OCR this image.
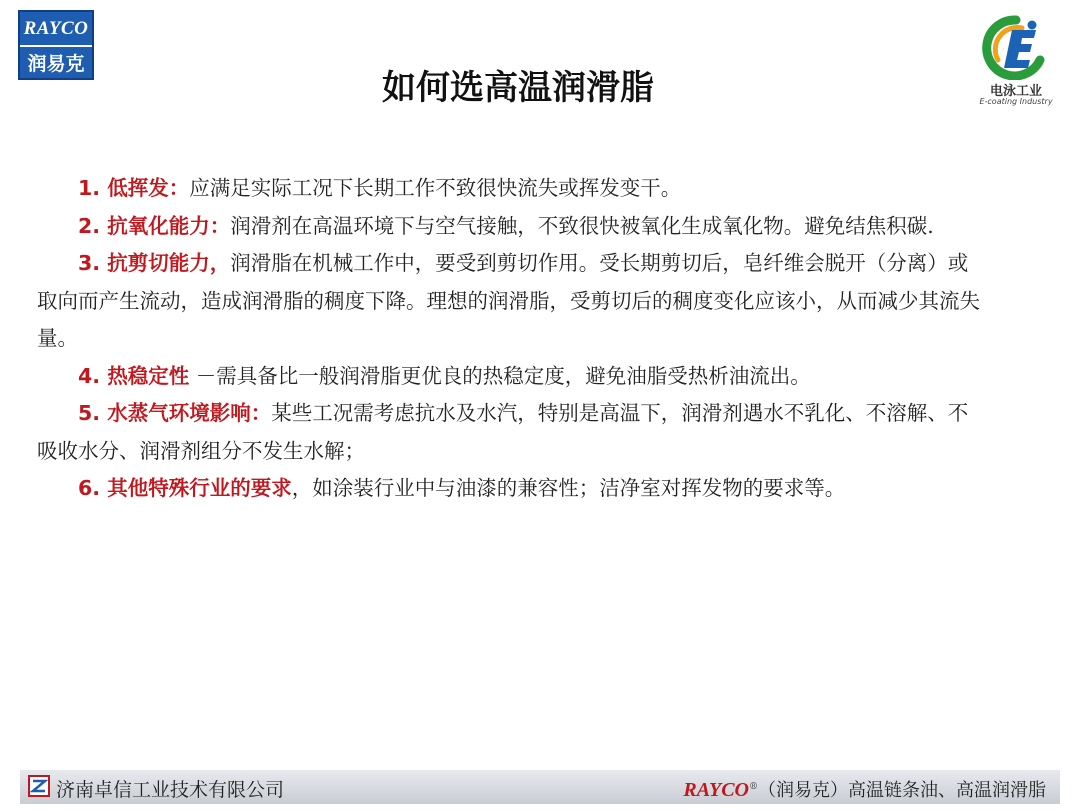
RAYCO
润易克
电泳工业
E-coating Industry
如何选高温润滑脂

1. 低挥发：应满足实际工况下长期工作不致很快流失或挥发变干。

2. 抗氧化能力：润滑剂在高温环境下与空气接触，不致很快被氧化生成氧化物。避免结焦积碳.

3. 抗剪切能力，润滑脂在机械工作中，要受到剪切作用。受长期剪切后，皂纤维会脱开（分离）或取向而产生流动，造成润滑脂的稠度下降。理想的润滑脂，受剪切后的稠度变化应该小，从而减少其流失量。

4. 热稳定性 －需具备比一般润滑脂更优良的热稳定度，避免油脂受热析油流出。

5. 水蒸气环境影响：某些工况需考虑抗水及水汽，特别是高温下，润滑剂遇水不乳化、不溶解、不吸收水分、润滑剂组分不发生水解；

6. 其他特殊行业的要求，如涂装行业中与油漆的兼容性；洁净室对挥发物的要求等。

济南卓信工业技术有限公司	RAYCO®（润易克）高温链条油、高温润滑脂
